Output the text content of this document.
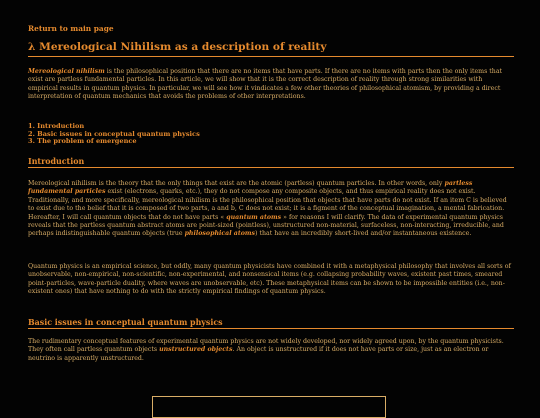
Return to main page
λ Mereological Nihilism as a description of reality

Mereological nihilism is the philosophical position that there are no items that have parts. If there are no items with parts then the only items that exist are partless fundamental particles. In this article, we will show that it is the correct description of reality through strong similarities with empirical results in quantum physics. In particular, we will see how it vindicates a few other theories of philosophical atomism, by providing a direct interpretation of quantum mechanics that avoids the problems of other interpretations.

1. Introduction
2. Basic issues in conceptual quantum physics
3. The problem of emergence
Introduction

Mereological nihilism is the theory that the only things that exist are the atomic (partless) quantum particles. In other words, only partless fundamental particles exist (electrons, quarks, etc.), they do not compose any composite objects, and thus empirical reality does not exist. Traditionally, and more specifically, mereological nihilism is the philosophical position that objects that have parts do not exist. If an item C is believed to exist due to the belief that it is composed of two parts, a and b, C does not exist; it is a figment of the conceptual imagination, a mental fabrication.
Hereafter, I will call quantum objects that do not have parts « quantum atoms » for reasons I will clarify. The data of experimental quantum physics reveals that the partless quantum abstract atoms are point-sized (pointless), unstructured non-material, surfaceless, non-interacting, irreducible, and perhaps indistinguishable quantum objects (true philosophical atoms) that have an incredibly short-lived and/or instantaneous existence.

Quantum physics is an empirical science, but oddly, many quantum physicists have combined it with a metaphysical philosophy that involves all sorts of unobservable, non-empirical, non-scientific, non-experimental, and nonsensical items (e.g. collapsing probability waves, existent past times, smeared point-particles, wave-particle duality, where waves are unobservable, etc). These metaphysical items can be shown to be impossible entities (i.e., non-existent ones) that have nothing to do with the strictly empirical findings of quantum physics.

Basic issues in conceptual quantum physics

The rudimentary conceptual features of experimental quantum physics are not widely developed, nor widely agreed upon, by the quantum physicists. They often call partless quantum objects unstructured objects. An object is unstructured if it does not have parts or size, just as an electron or neutrino is apparently unstructured.
